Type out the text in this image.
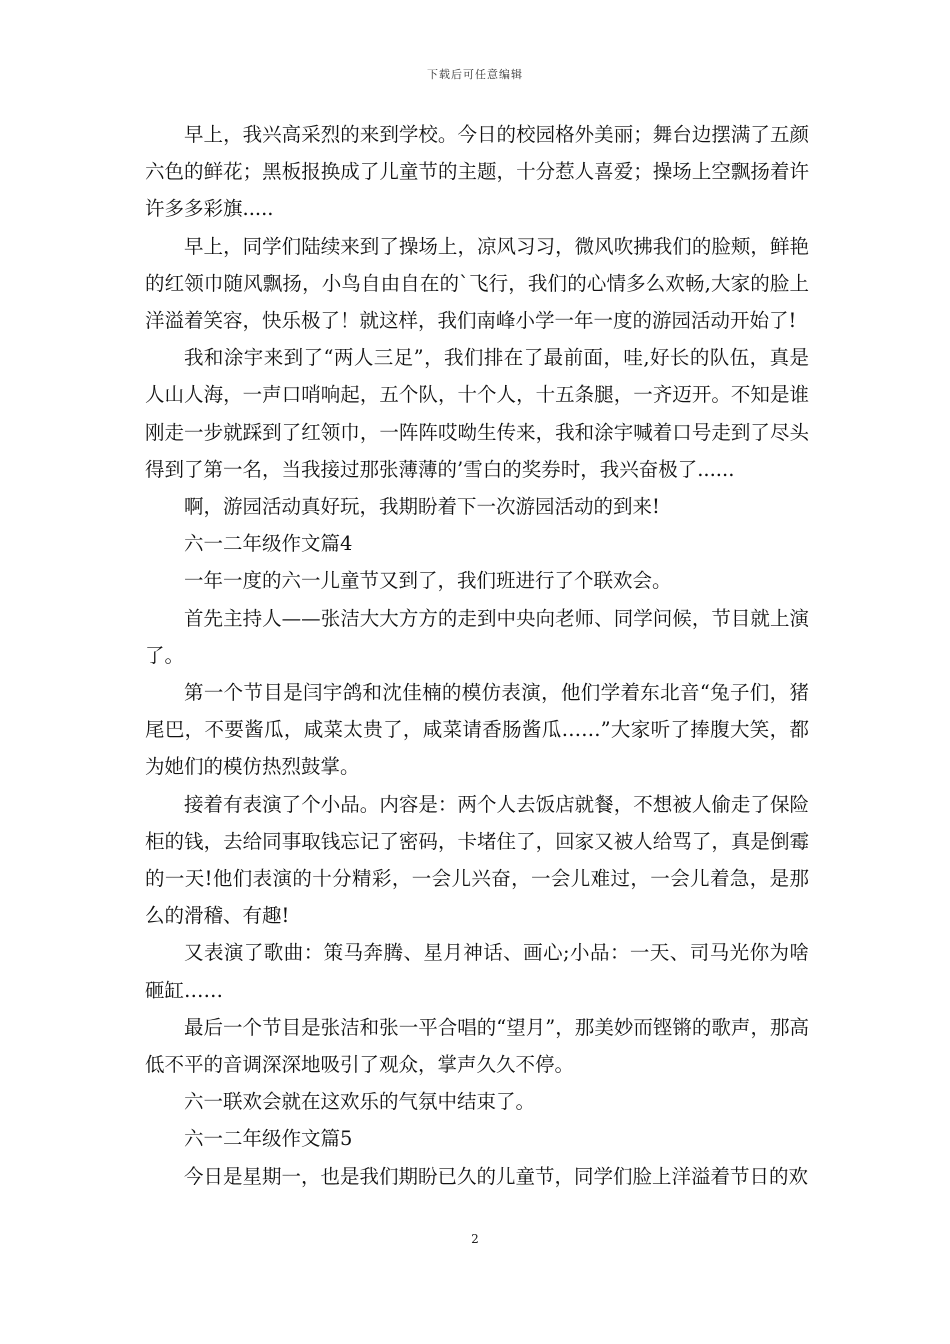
下载后可任意编辑

早上，我兴高采烈的来到学校。今日的校园格外美丽；舞台边摆满了五颜六色的鲜花；黑板报换成了儿童节的主题，十分惹人喜爱；操场上空飘扬着许许多多彩旗.....

早上，同学们陆续来到了操场上，凉风习习，微风吹拂我们的脸颊，鲜艳的红领巾随风飘扬，小鸟自由自在的`飞行，我们的心情多么欢畅,大家的脸上洋溢着笑容，快乐极了！就这样，我们南峰小学一年一度的游园活动开始了!

我和涂宇来到了“两人三足”，我们排在了最前面，哇,好长的队伍，真是人山人海，一声口哨响起，五个队，十个人，十五条腿，一齐迈开。不知是谁刚走一步就踩到了红领巾，一阵阵哎呦生传来，我和涂宇喊着口号走到了尽头得到了第一名，当我接过那张薄薄的’雪白的奖券时，我兴奋极了......

啊，游园活动真好玩，我期盼着下一次游园活动的到来!

六一二年级作文篇4

一年一度的六一儿童节又到了，我们班进行了个联欢会。

首先主持人——张洁大大方方的走到中央向老师、同学问候，节目就上演了。

第一个节目是闫宇鸽和沈佳楠的模仿表演，他们学着东北音“兔子们，猪尾巴，不要酱瓜，咸菜太贵了，咸菜请香肠酱瓜……”大家听了捧腹大笑，都为她们的模仿热烈鼓掌。

接着有表演了个小品。内容是：两个人去饭店就餐，不想被人偷走了保险柜的钱，去给同事取钱忘记了密码，卡堵住了，回家又被人给骂了，真是倒霉的一天!他们表演的十分精彩，一会儿兴奋，一会儿难过，一会儿着急，是那么的滑稽、有趣!

又表演了歌曲：策马奔腾、星月神话、画心;小品：一天、司马光你为啥砸缸……

最后一个节目是张洁和张一平合唱的“望月”，那美妙而铿锵的歌声，那高低不平的音调深深地吸引了观众，掌声久久不停。

六一联欢会就在这欢乐的气氛中结束了。

六一二年级作文篇5

今日是星期一，也是我们期盼已久的儿童节，同学们脸上洋溢着节日的欢

2
